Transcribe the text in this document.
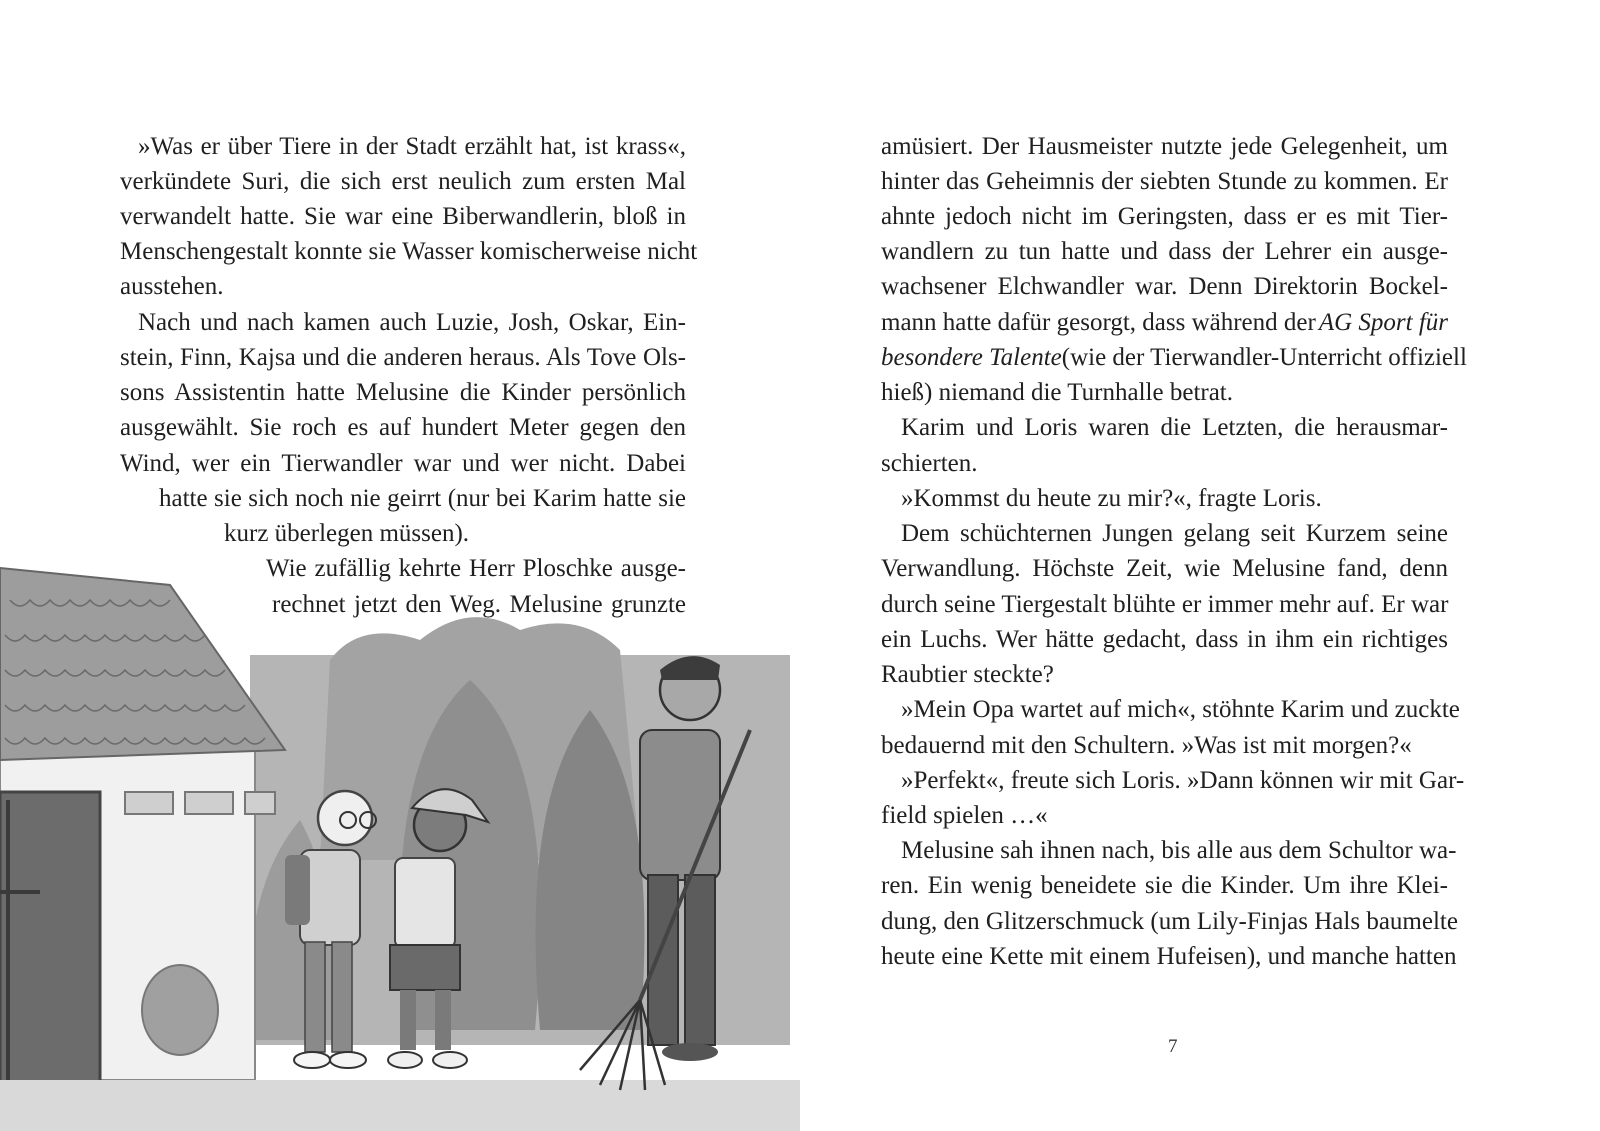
»Was er über Tiere in der Stadt erzählt hat, ist krass«,
verkündete Suri, die sich erst neulich zum ersten Mal
verwandelt hatte. Sie war eine Biberwandlerin, bloß in
Menschengestalt konnte sie Wasser komischerweise nicht
ausstehen.
Nach und nach kamen auch Luzie, Josh, Oskar, Ein-
stein, Finn, Kajsa und die anderen heraus. Als Tove Ols-
sons Assistentin hatte Melusine die Kinder persönlich
ausgewählt. Sie roch es auf hundert Meter gegen den
Wind, wer ein Tierwandler war und wer nicht. Dabei
hatte sie sich noch nie geirrt (nur bei Karim hatte sie
kurz überlegen müssen).
Wie zufällig kehrte Herr Ploschke ausge-
rechnet jetzt den Weg. Melusine grunzte
amüsiert. Der Hausmeister nutzte jede Gelegenheit, um
hinter das Geheimnis der siebten Stunde zu kommen. Er
ahnte jedoch nicht im Geringsten, dass er es mit Tier-
wandlern zu tun hatte und dass der Lehrer ein ausge-
wachsener Elchwandler war. Denn Direktorin Bockel-
mann hatte dafür gesorgt, dass während der AG Sport für
besondere Talente (wie der Tierwandler-Unterricht offiziell
hieß) niemand die Turnhalle betrat.
Karim und Loris waren die Letzten, die herausmar-
schierten.
»Kommst du heute zu mir?«, fragte Loris.
Dem schüchternen Jungen gelang seit Kurzem seine
Verwandlung. Höchste Zeit, wie Melusine fand, denn
durch seine Tiergestalt blühte er immer mehr auf. Er war
ein Luchs. Wer hätte gedacht, dass in ihm ein richtiges
Raubtier steckte?
»Mein Opa wartet auf mich«, stöhnte Karim und zuckte
bedauernd mit den Schultern. »Was ist mit morgen?«
»Perfekt«, freute sich Loris. »Dann können wir mit Gar-
field spielen …«
Melusine sah ihnen nach, bis alle aus dem Schultor wa-
ren. Ein wenig beneidete sie die Kinder. Um ihre Klei-
dung, den Glitzerschmuck (um Lily-Finjas Hals baumelte
heute eine Kette mit einem Hufeisen), und manche hatten
7
